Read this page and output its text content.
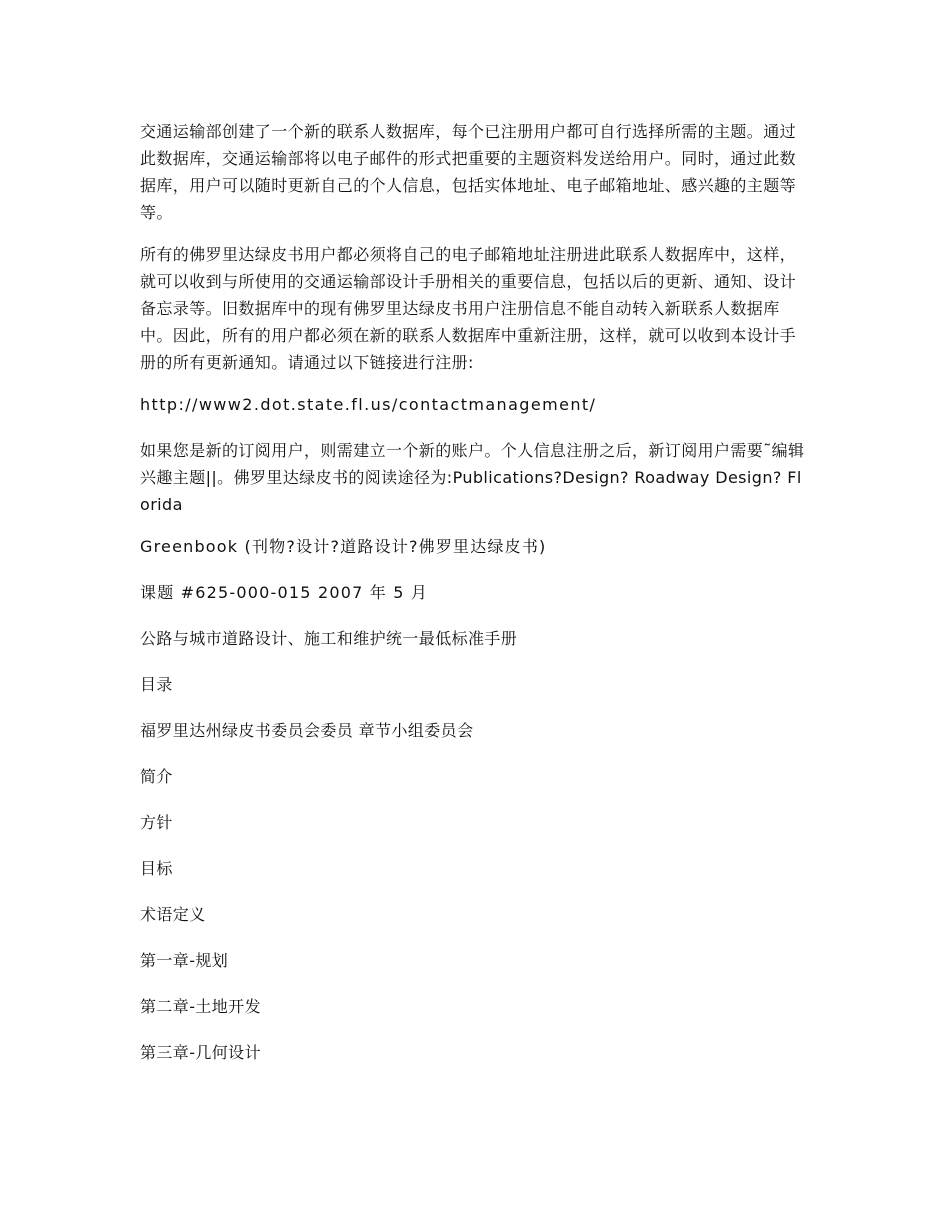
交通运输部创建了一个新的联系人数据库，每个已注册用户都可自行选择所需的主题。通过此数据库，交通运输部将以电子邮件的形式把重要的主题资料发送给用户。同时，通过此数据库，用户可以随时更新自己的个人信息，包括实体地址、电子邮箱地址、感兴趣的主题等等。

所有的佛罗里达绿皮书用户都必须将自己的电子邮箱地址注册进此联系人数据库中，这样，就可以收到与所使用的交通运输部设计手册相关的重要信息，包括以后的更新、通知、设计备忘录等。旧数据库中的现有佛罗里达绿皮书用户注册信息不能自动转入新联系人数据库中。因此，所有的用户都必须在新的联系人数据库中重新注册，这样，就可以收到本设计手册的所有更新通知。请通过以下链接进行注册:

http://www2.dot.state.fl.us/contactmanagement/

如果您是新的订阅用户，则需建立一个新的账户。个人信息注册之后，新订阅用户需要˜编辑兴趣主题||。佛罗里达绿皮书的阅读途径为:Publications?Design? Roadway Design? Florida

Greenbook (刊物?设计?道路设计?佛罗里达绿皮书)

课题 #625-000-015 2007 年 5 月

公路与城市道路设计、施工和维护统一最低标准手册

目录

福罗里达州绿皮书委员会委员 章节小组委员会

简介

方针

目标

术语定义

第一章-规划

第二章-土地开发

第三章-几何设计
